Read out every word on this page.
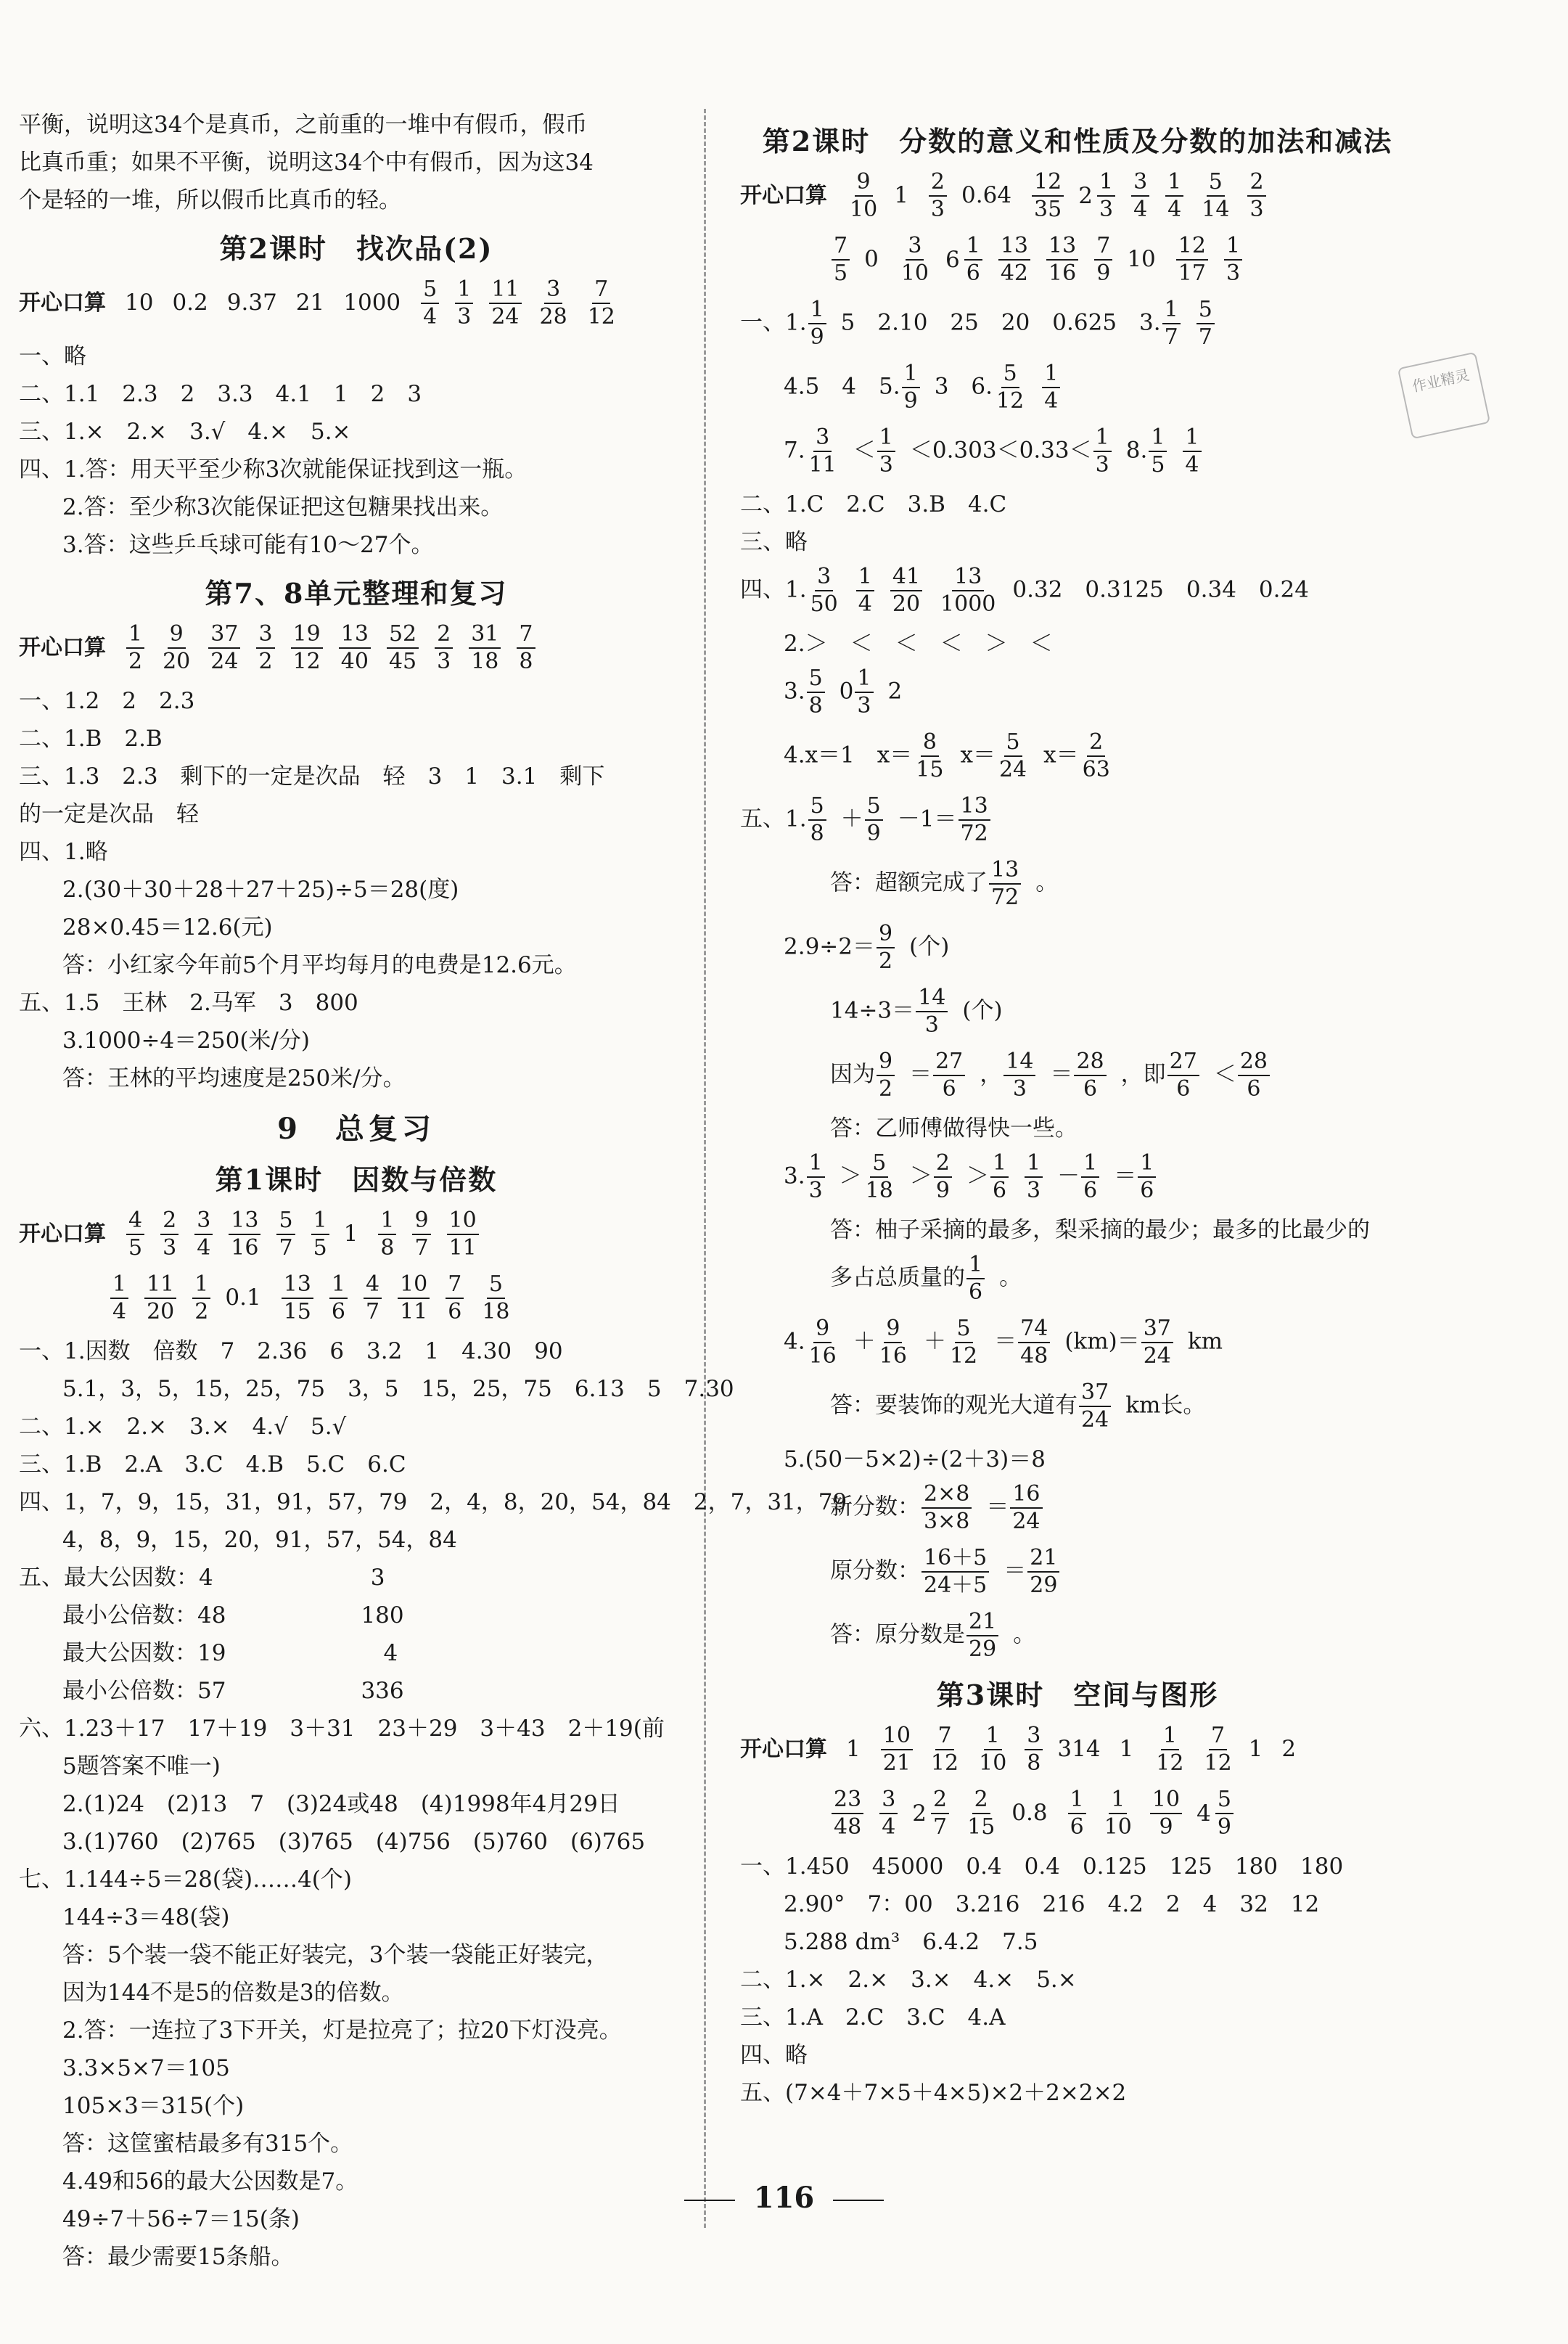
平衡，说明这34个是真币，之前重的一堆中有假币，假币
比真币重；如果不平衡，说明这34个中有假币，因为这34
个是轻的一堆，所以假币比真币的轻。
第2课时　找次品(2)
开心口算 10 0.2 9.37 21 $1000 \frac{5}{4} \frac{1}{3} \frac{11}{24} \frac{3}{28} \frac{7}{12}$
一、略
二、1.1　2.3　2　3.3　4.1　1　2　3
三、1.×　2.×　3.√　4.×　5.×
四、1.答：用天平至少称3次就能保证找到这一瓶。
2.答：至少称3次能保证把这包糖果找出来。
3.答：这些乒乓球可能有10～27个。
第7、8单元整理和复习
开心口算 $\frac{1}{2} \frac{9}{20} \frac{37}{24} \frac{3}{2} \frac{19}{12} \frac{13}{40} \frac{52}{45} \frac{2}{3} \frac{31}{18} \frac{7}{8}$
一、1.2　2　2.3
二、1.B　2.B
三、1.3　2.3　剩下的一定是次品　轻　3　1　3.1　剩下
的一定是次品　轻
四、1.略
2.(30＋30＋28＋27＋25)÷5＝28(度)
28×0.45＝12.6(元)
答：小红家今年前5个月平均每月的电费是12.6元。
五、1.5　王林　2.马军　3　800
3.1000÷4＝250(米/分)
答：王林的平均速度是250米/分。
9　总复习
第1课时　因数与倍数
开心口算 $\frac{4}{5} \frac{2}{3} \frac{3}{4} \frac{13}{16} \frac{5}{7} \frac{1}{5} 1 \frac{1}{8} \frac{9}{7} \frac{10}{11}$
$\frac{1}{4} \frac{11}{20} \frac{1}{2} 0.1 \frac{13}{15} \frac{1}{6} \frac{4}{7} \frac{10}{11} \frac{7}{6} \frac{5}{18}$
一、1.因数　倍数　7　2.36　6　3.2　1　4.30　90
5.1，3，5，15，25，75　3，5　15，25，75　6.13　5　7.30
二、1.×　2.×　3.×　4.√　5.√
三、1.B　2.A　3.C　4.B　5.C　6.C
四、1，7，9，15，31，91，57，79　2，4，8，20，54，84　2，7，31，79
4，8，9，15，20，91，57，54，84
五、最大公因数：4　　　　　　　3
最小公倍数：48　　　　　　180
最大公因数：19　　　　　　　4
最小公倍数：57　　　　　　336
六、1.23＋17　17＋19　3＋31　23＋29　3＋43　2＋19(前
5题答案不唯一)
2.(1)24　(2)13　7　(3)24或48　(4)1998年4月29日
3.(1)760　(2)765　(3)765　(4)756　(5)760　(6)765
七、1.144÷5＝28(袋)……4(个)
144÷3＝48(袋)
答：5个装一袋不能正好装完，3个装一袋能正好装完，
因为144不是5的倍数是3的倍数。
2.答：一连拉了3下开关，灯是拉亮了；拉20下灯没亮。
3.3×5×7＝105
105×3＝315(个)
答：这筐蜜桔最多有315个。
4.49和56的最大公因数是7。
49÷7＋56÷7＝15(条)
答：最少需要15条船。
第2课时　分数的意义和性质及分数的加法和减法
开心口算 $\frac{9}{10} 1 \frac{2}{3} 0.64 \frac{12}{35} 2 \frac{1}{3} \frac{3}{4} \frac{1}{4} \frac{5}{14} \frac{2}{3}$
$\frac{7}{5} 0 \frac{3}{10} 6 \frac{1}{6} \frac{13}{42} \frac{13}{16} \frac{7}{9} 10 \frac{12}{17} \frac{1}{3}$
一、1. $\frac{1}{9} 5$　2.10　25　20　0.625　3. $\frac{1}{7} \frac{5}{7}$
4.5　4　5. $\frac{1}{9} 3$　6. $\frac{5}{12} \frac{1}{4}$
7. $\frac{3}{11} < \frac{1}{3} <0.303<0.33< \frac{1}{3} 8$. $\frac{1}{5} \frac{1}{4}$
二、1.C　2.C　3.B　4.C
三、略
四、1. $\frac{3}{50} \frac{1}{4} \frac{41}{20} \frac{13}{1000} 0.32$　0.3125　0.34　0.24
2.＞　＜　＜　＜　＞　＜
3. $\frac{5}{8} 0 \frac{1}{3} 2$
4.x＝1　$x= \frac{8}{15} x= \frac{5}{24} x= \frac{2}{63}$
五、1. $\frac{5}{8} + \frac{5}{9} -1= \frac{13}{72}$
答：超额完成了 $\frac{13}{72}$ 。
$2.9\div 2= \frac{9}{2}$ (个)
$14\div 3= \frac{14}{3}$ (个)
因为 $\frac{9}{2} = \frac{27}{6}$ ， $\frac{14}{3} = \frac{28}{6}$ ，即 $\frac{27}{6} < \frac{28}{6}$
答：乙师傅做得快一些。
3. $\frac{1}{3} > \frac{5}{18} > \frac{2}{9} > \frac{1}{6} \frac{1}{3} - \frac{1}{6} = \frac{1}{6}$
答：柚子采摘的最多，梨采摘的最少；最多的比最少的
多占总质量的 $\frac{1}{6}$ 。
4. $\frac{9}{16} + \frac{9}{16} + \frac{5}{12} = \frac{74}{48} (km)= \frac{37}{24}$ km
答：要装饰的观光大道有 $\frac{37}{24}$ km长。
5.(50－5×2)÷(2＋3)＝8
新分数： $\frac{2\times 8}{3\times 8} = \frac{16}{24}$
原分数： $\frac{16+5}{24+5} = \frac{21}{29}$
答：原分数是 $\frac{21}{29}$ 。
第3课时　空间与图形
开心口算 $1 \frac{10}{21} \frac{7}{12} \frac{1}{10} \frac{3}{8} 314$ $1 \frac{1}{12} \frac{7}{12} 1$ 2
$\frac{23}{48} \frac{3}{4} 2 \frac{2}{7} \frac{2}{15} 0.8 \frac{1}{6} \frac{1}{10} \frac{10}{9} 4 \frac{5}{9}$
一、1.450　45000　0.4　0.4　0.125　125　180　180
2.90°　7：00　3.216　216　4.2　2　4　32　12
5.288 dm³　6.4.2　7.5
二、1.×　2.×　3.×　4.×　5.×
三、1.A　2.C　3.C　4.A
四、略
五、(7×4＋7×5＋4×5)×2＋2×2×2
作业精灵
116
